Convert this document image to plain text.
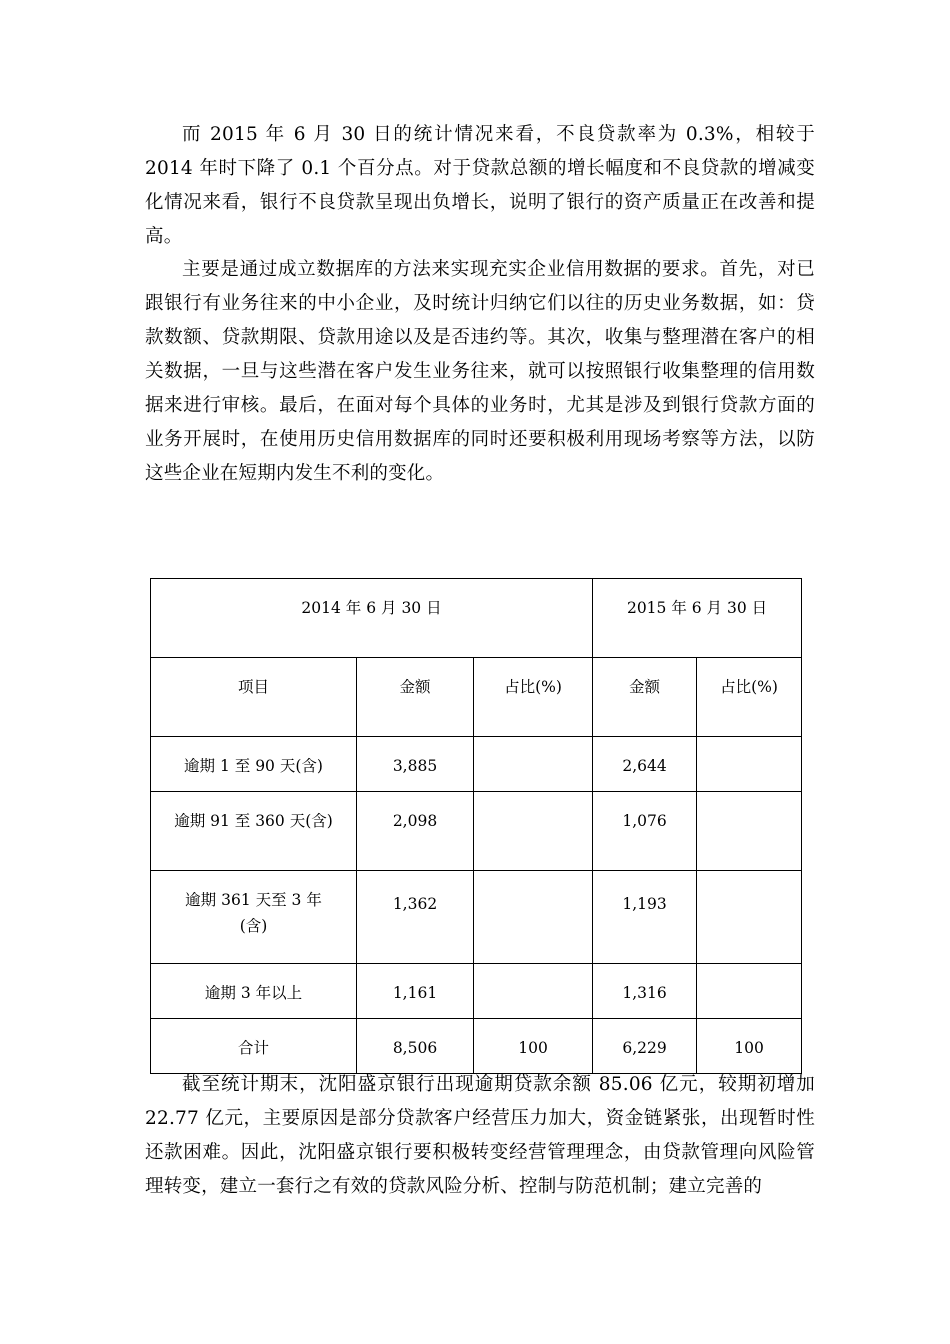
而 2015 年 6 月 30 日的统计情况来看，不良贷款率为 0.3%，相较于 2014 年时下降了 0.1 个百分点。对于贷款总额的增长幅度和不良贷款的增减变化情况来看，银行不良贷款呈现出负增长，说明了银行的资产质量正在改善和提高。

主要是通过成立数据库的方法来实现充实企业信用数据的要求。首先，对已跟银行有业务往来的中小企业，及时统计归纳它们以往的历史业务数据，如：贷款数额、贷款期限、贷款用途以及是否违约等。其次，收集与整理潜在客户的相关数据，一旦与这些潜在客户发生业务往来，就可以按照银行收集整理的信用数据来进行审核。最后，在面对每个具体的业务时，尤其是涉及到银行贷款方面的业务开展时，在使用历史信用数据库的同时还要积极利用现场考察等方法，以防这些企业在短期内发生不利的变化。

2014 年 6 月 30 日			2015 年 6 月 30 日	

项目	金额	占比(%)	金额	占比(%)

逾期 1 至 90 天(含)	3,885		2,644	

逾期 91 至 360 天(含)	2,098		1,076	

逾期 361 天至 3 年
(含)	1,362		1,193	

逾期 3 年以上	1,161		1,316	

合计	8,506	100	6,229	100

截至统计期末，沈阳盛京银行出现逾期贷款余额 85.06 亿元，较期初增加 22.77 亿元，主要原因是部分贷款客户经营压力加大，资金链紧张，出现暂时性还款困难。因此，沈阳盛京银行要积极转变经营管理理念，由贷款管理向风险管理转变，建立一套行之有效的贷款风险分析、控制与防范机制；建立完善的
